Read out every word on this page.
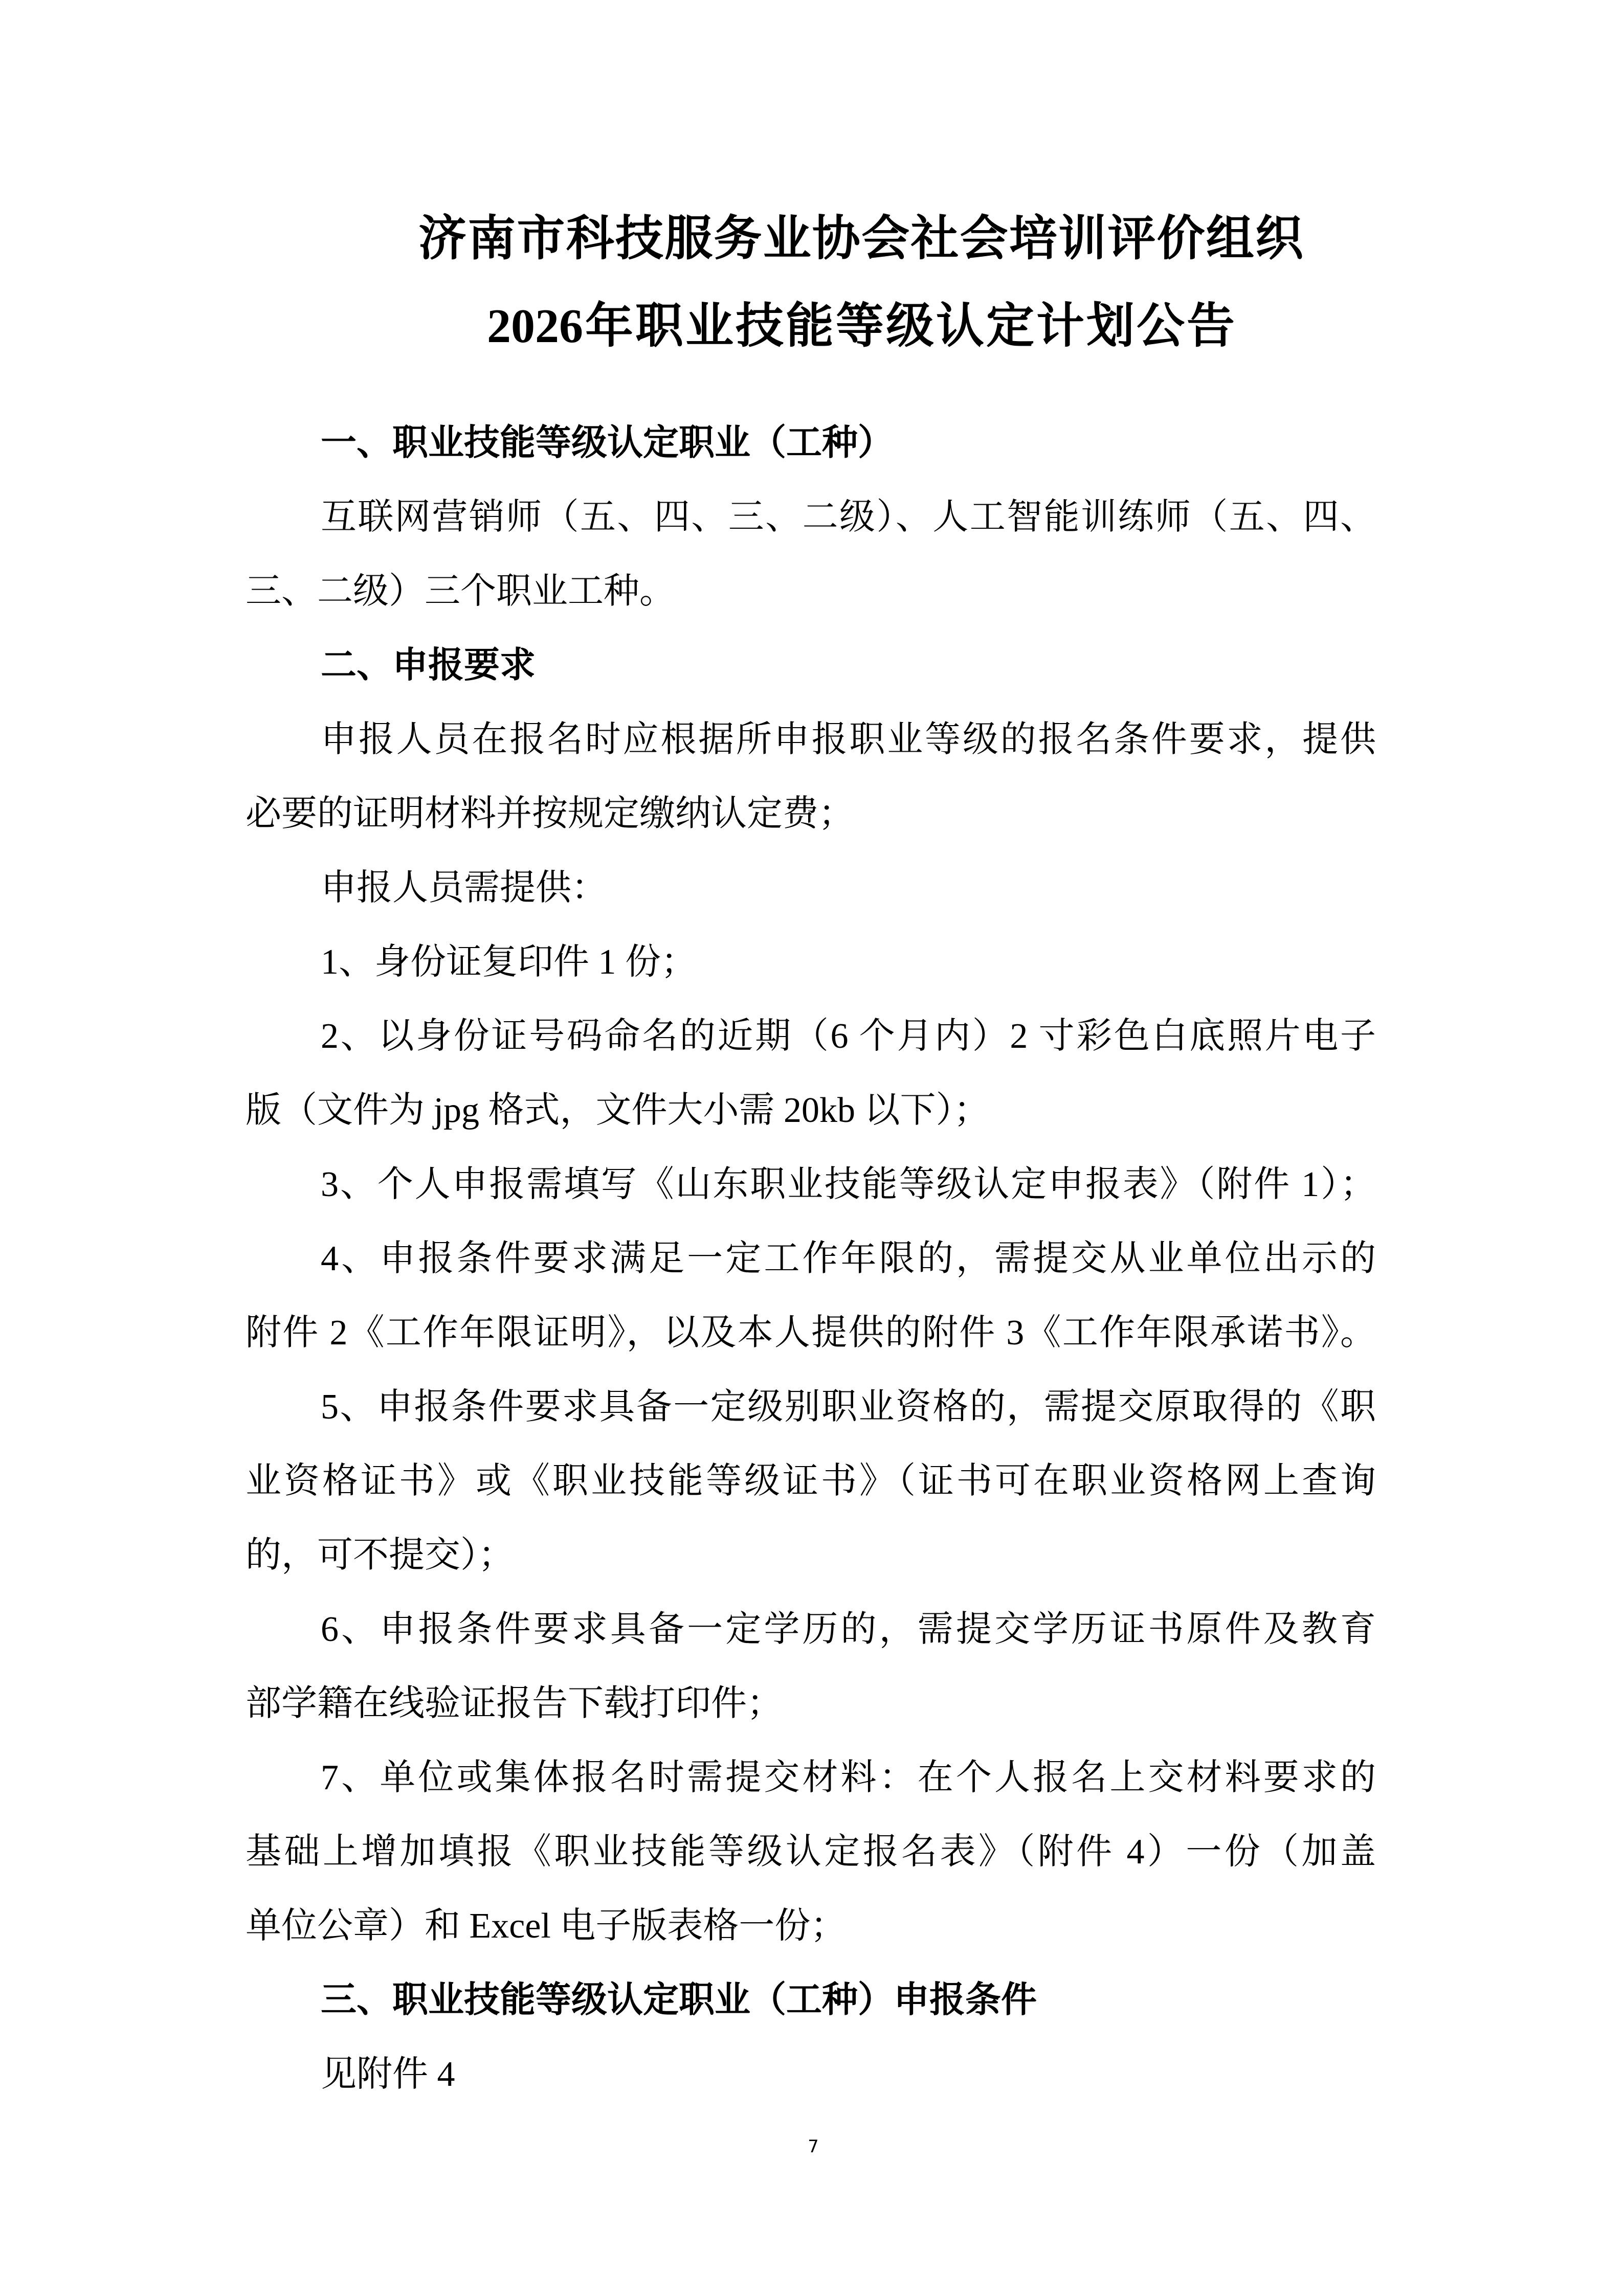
济南市科技服务业协会社会培训评价组织
2026年职业技能等级认定计划公告
一、职业技能等级认定职业（工种）
互联网营销师（五、四、三、二级）、人工智能训练师（五、四、
三、二级）三个职业工种。
二、申报要求
申报人员在报名时应根据所申报职业等级的报名条件要求，提供
必要的证明材料并按规定缴纳认定费；
申报人员需提供：
1、身份证复印件 1 份；
2、以身份证号码命名的近期（6 个月内）2 寸彩色白底照片电子
版（文件为 jpg 格式，文件大小需 20kb 以下）；
3、个人申报需填写《山东职业技能等级认定申报表》（附件 1）；
4、申报条件要求满足一定工作年限的，需提交从业单位出示的
附件 2《工作年限证明》，以及本人提供的附件 3《工作年限承诺书》。
5、申报条件要求具备一定级别职业资格的，需提交原取得的《职
业资格证书》或《职业技能等级证书》（证书可在职业资格网上查询
的，可不提交）；
6、申报条件要求具备一定学历的，需提交学历证书原件及教育
部学籍在线验证报告下载打印件；
7、单位或集体报名时需提交材料：在个人报名上交材料要求的
基础上增加填报《职业技能等级认定报名表》（附件 4）一份（加盖
单位公章）和 Excel 电子版表格一份；
三、职业技能等级认定职业（工种）申报条件
见附件 4
7
